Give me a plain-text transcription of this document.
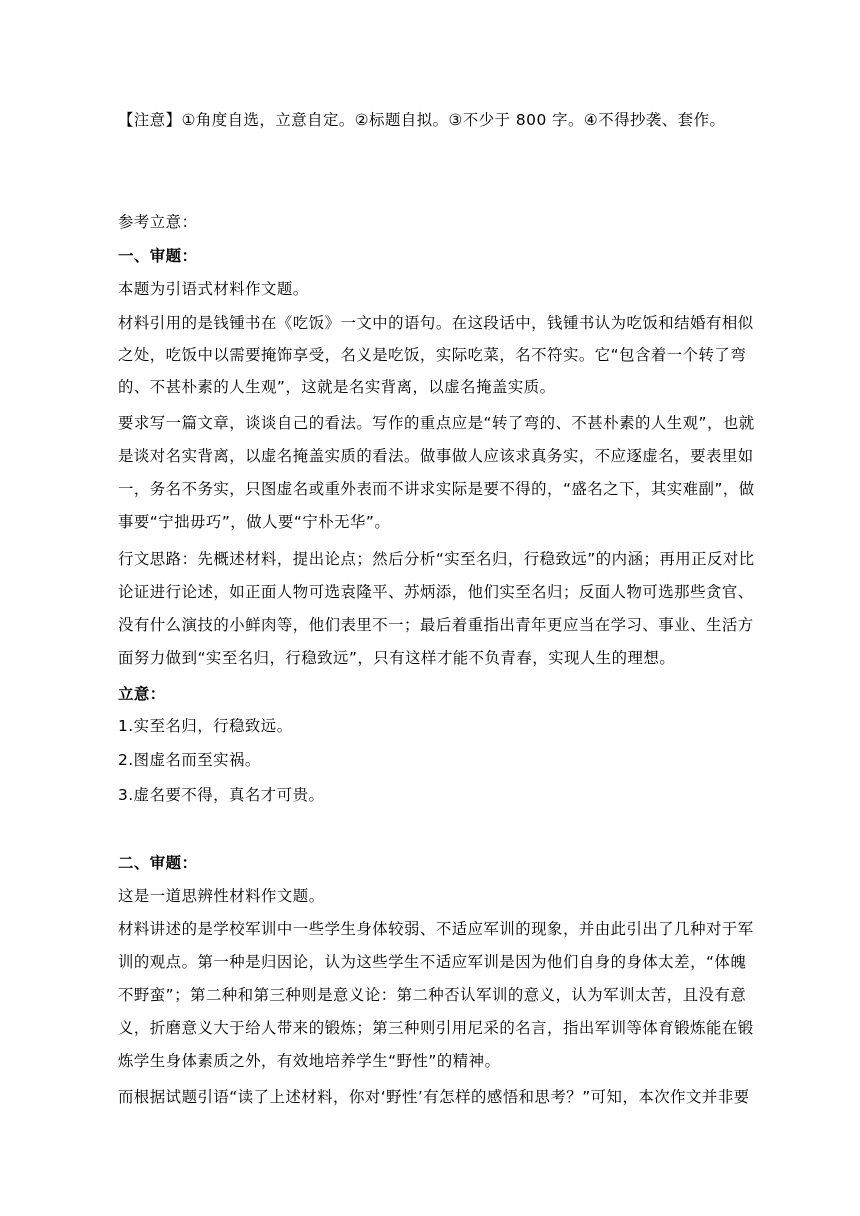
【注意】①角度自选，立意自定。②标题自拟。③不少于 800 字。④不得抄袭、套作。
参考立意：
一、审题：
本题为引语式材料作文题。
材料引用的是钱锺书在《吃饭》一文中的语句。在这段话中，钱锺书认为吃饭和结婚有相似
之处，吃饭中以需要掩饰享受，名义是吃饭，实际吃菜，名不符实。它“包含着一个转了弯
的、不甚朴素的人生观”，这就是名实背离，以虚名掩盖实质。
要求写一篇文章，谈谈自己的看法。写作的重点应是“转了弯的、不甚朴素的人生观”，也就
是谈对名实背离，以虚名掩盖实质的看法。做事做人应该求真务实，不应逐虚名，要表里如
一，务名不务实，只图虚名或重外表而不讲求实际是要不得的，“盛名之下，其实难副”，做
事要“宁拙毋巧”，做人要“宁朴无华”。
行文思路：先概述材料，提出论点；然后分析“实至名归，行稳致远”的内涵；再用正反对比
论证进行论述，如正面人物可选袁隆平、苏炳添，他们实至名归；反面人物可选那些贪官、
没有什么演技的小鲜肉等，他们表里不一；最后着重指出青年更应当在学习、事业、生活方
面努力做到“实至名归，行稳致远”，只有这样才能不负青春，实现人生的理想。
立意：
1.实至名归，行稳致远。
2.图虚名而至实祸。
3.虚名要不得，真名才可贵。
二、审题：
这是一道思辨性材料作文题。
材料讲述的是学校军训中一些学生身体较弱、不适应军训的现象，并由此引出了几种对于军
训的观点。第一种是归因论，认为这些学生不适应军训是因为他们自身的身体太差，“体魄
不野蛮”；第二种和第三种则是意义论：第二种否认军训的意义，认为军训太苦，且没有意
义，折磨意义大于给人带来的锻炼；第三种则引用尼采的名言，指出军训等体育锻炼能在锻
炼学生身体素质之外，有效地培养学生“野性”的精神。
而根据试题引语“读了上述材料，你对‘野性’有怎样的感悟和思考？”可知，本次作文并非要
